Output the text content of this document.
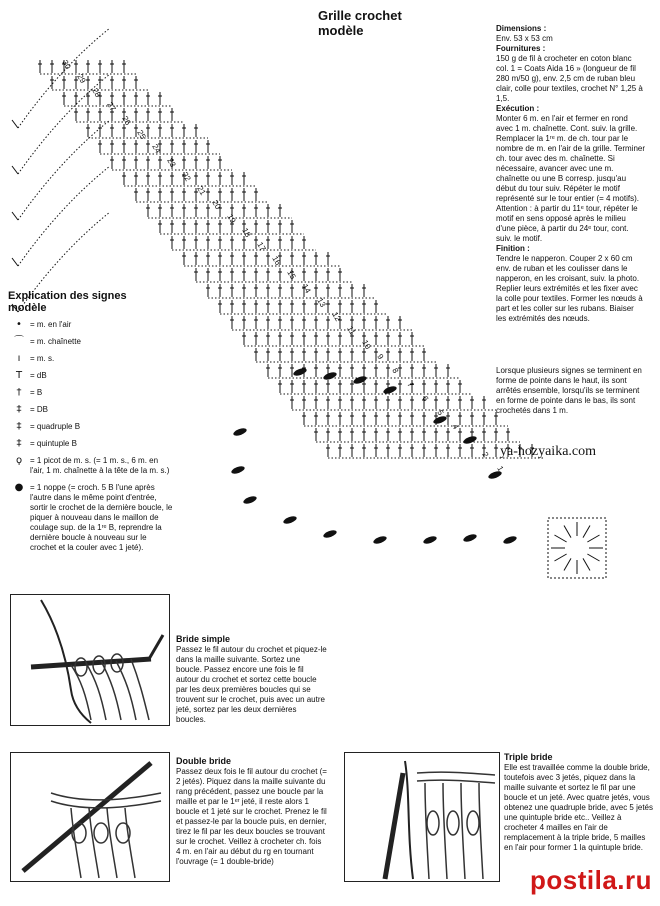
30
29
28
27
26
25
24
23
22
21
20
19
18
17
16
15
14
13
12
11
10
9
8
7
6
5
4
3
2
1
Grille crochet
modèle	Dimensions :
Env. 53 x 53 cm
Fournitures :
150 g de fil à crocheter en coton blanc col. 1 = Coats Aida 16 » (longueur de fil 280 m/50 g), env. 2,5 cm de ruban bleu clair, colle pour textiles, crochet N° 1,25 à 1,5.
Exécution :
Monter 6 m. en l'air et fermer en rond avec 1 m. chaînette. Cont. suiv. la grille. Remplacer la 1ʳᵉ m. de ch. tour par le nombre de m. en l'air de la grille. Terminer ch. tour avec des m. chaînette. Si nécessaire, avancer avec une m. chaînette ou une B corresp. jusqu'au début du tour suiv. Répéter le motif représenté sur le tour entier (= 4 motifs). Attention : à partir du 11ᵉ tour, répéter le motif en sens opposé après le milieu d'une pièce, à partir du 24ᵉ tour, cont. suiv. le motif.
Finition :
Tendre le napperon. Couper 2 x 60 cm env. de ruban et les coulisser dans le napperon, en les croisant, suiv. la photo. Replier leurs extrémités et les fixer avec la colle pour textiles. Former les nœuds à part et les coller sur les rubans. Biaiser les extrémités des nœuds.
Lorsque plusieurs signes se terminent en forme de pointe dans le haut, ils sont arrêtés ensemble, lorsqu'ils se terminent en forme de pointe dans le bas, ils sont crochetés dans 1 m.
ya-hozyaika.com
Explication des signes
modèle
•	= m. en l'air
⌒ = m. chaînette
ı	= m. s.
T = dB
†	= B
‡	= DB
‡	= quadruple B
‡	= quintuple B
ϙ = 1 picot de m. s. (= 1 m. s., 6 m. en l'air, 1 m. chaînette à la tête de la m. s.)
● = 1 noppe (= croch. 5 B l'une après l'autre dans le même point d'entrée, sortir le crochet de la dernière boucle, le piquer à nouveau dans le maillon de coulage sup. de la 1ʳᵉ B, reprendre la dernière boucle à nouveau sur le crochet et la couler avec 1 jeté).
Bride simple
Passez le fil autour du crochet et piquez-le dans la maille suivante. Sortez une boucle. Passez encore une fois le fil autour du crochet et sortez cette boucle par les deux premières boucles qui se trouvent sur le crochet, puis avec un autre jeté, sortez par les deux dernières boucles.
Double bride
Passez deux fois le fil autour du crochet (= 2 jetés). Piquez dans la maille suivante du rang précédent, passez une boucle par la maille et par le 1ᵉʳ jeté, il reste alors 1 boucle et 1 jeté sur le crochet. Prenez le fil et passez-le par la boucle puis, en dernier, tirez le fil par les deux boucles se trouvant sur le crochet. Veillez à crocheter ch. fois 4 m. en l'air au début du rg en tournant l'ouvrage (= 1 double-bride)
Triple bride
Elle est travaillée comme la double bride, toutefois avec 3 jetés, piquez dans la maille suivante et sortez le fil par une boucle et un jeté. Avec quatre jetés, vous obtenez une quadruple bride, avec 5 jetés une quintuple bride etc.. Veillez à crocheter 4 mailles en l'air de remplacement à la triple bride, 5 mailles en l'air pour former 1 la quintuple bride.
postila.ru
